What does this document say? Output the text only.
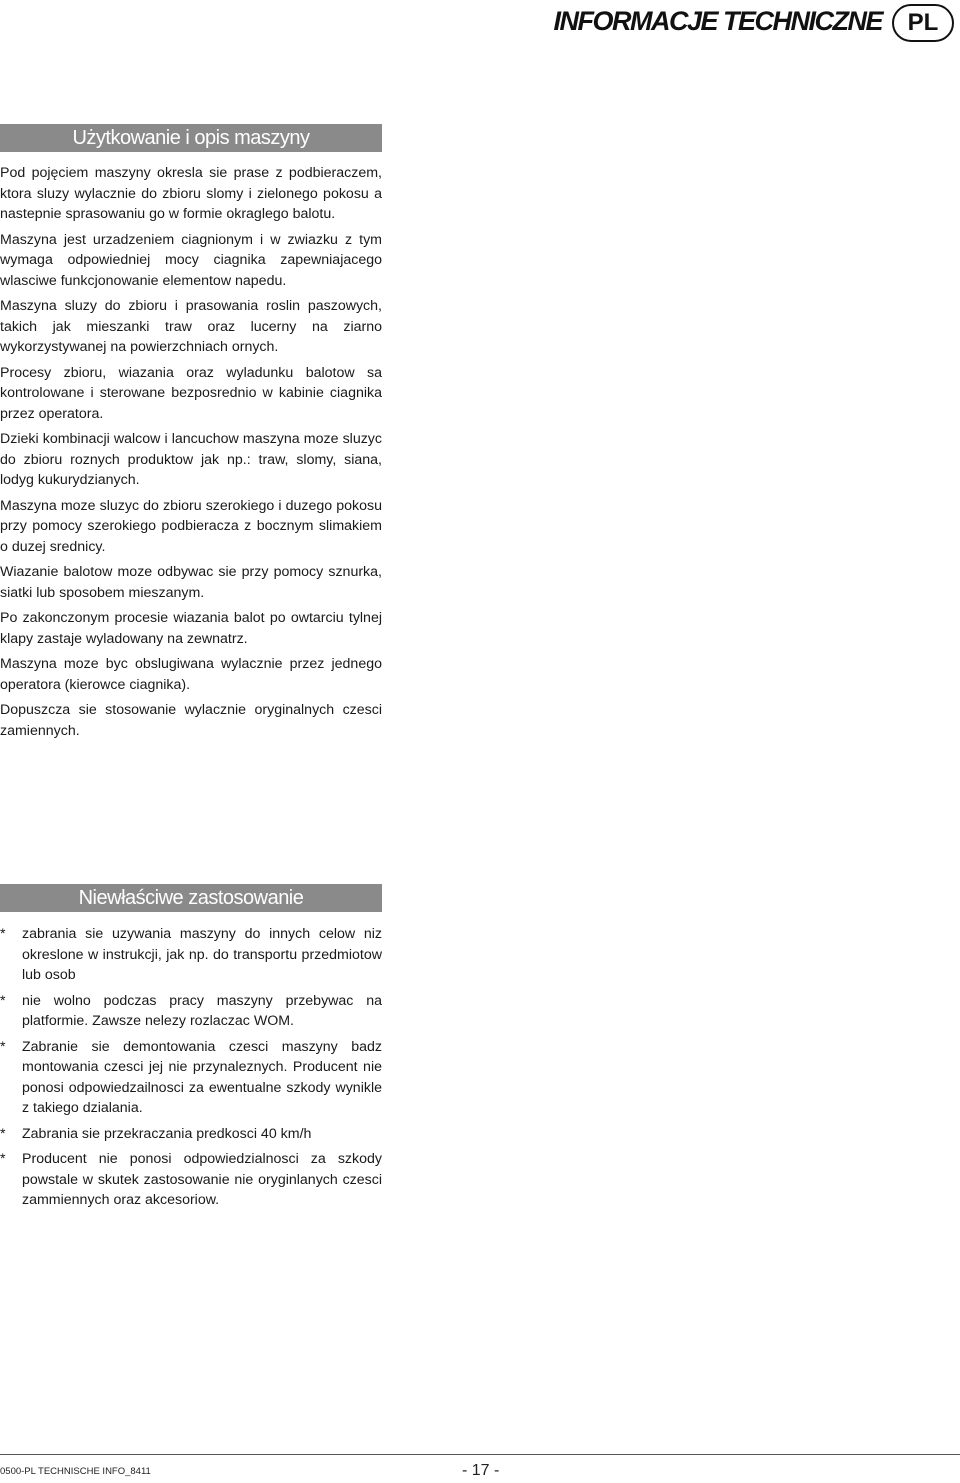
INFORMACJE TECHNICZNE	PL
Użytkowanie i opis maszyny

Pod pojęciem maszyny okresla sie prase z podbieraczem, ktora sluzy wylacznie do zbioru slomy i zielonego pokosu a nastepnie sprasowaniu go w formie okraglego balotu.

Maszyna jest urzadzeniem ciagnionym i w zwiazku z tym wymaga odpowiedniej mocy ciagnika zapewniajacego wlasciwe funkcjonowanie elementow napedu.

Maszyna sluzy do zbioru i prasowania roslin paszowych, takich jak mieszanki traw oraz lucerny na ziarno wykorzystywanej na powierzchniach ornych.

Procesy zbioru, wiazania oraz wyladunku balotow sa kontrolowane i sterowane bezposrednio w kabinie ciagnika przez operatora.

Dzieki kombinacji walcow i lancuchow maszyna moze sluzyc do zbioru roznych produktow jak np.: traw, slomy, siana, lodyg kukurydzianych.

Maszyna moze sluzyc do zbioru szerokiego i duzego pokosu przy pomocy szerokiego podbieracza z bocznym slimakiem o duzej srednicy.

Wiazanie balotow moze odbywac sie przy pomocy sznurka, siatki lub sposobem mieszanym.

Po zakonczonym procesie wiazania balot po owtarciu tylnej klapy zastaje wyladowany na zewnatrz.

Maszyna moze byc obslugiwana wylacznie przez jednego operatora (kierowce ciagnika).

Dopuszcza sie stosowanie wylacznie oryginalnych czesci zamiennych.

Niewłaściwe zastosowanie
* zabrania sie uzywania maszyny do innych celow niz okreslone w instrukcji, jak np. do transportu przedmiotow lub osob
* nie wolno podczas pracy maszyny przebywac na platformie. Zawsze nelezy rozlaczac WOM.
* Zabranie sie demontowania czesci maszyny badz montowania czesci jej nie przynaleznych. Producent nie ponosi odpowiedzailnosci za ewentualne szkody wynikle z takiego dzialania.
* Zabrania sie przekraczania predkosci 40 km/h
* Producent nie ponosi odpowiedzialnosci za szkody powstale w skutek zastosowanie nie oryginlanych czesci zammiennych oraz akcesoriow.
0500-PL TECHNISCHE INFO_8411	- 17 -
